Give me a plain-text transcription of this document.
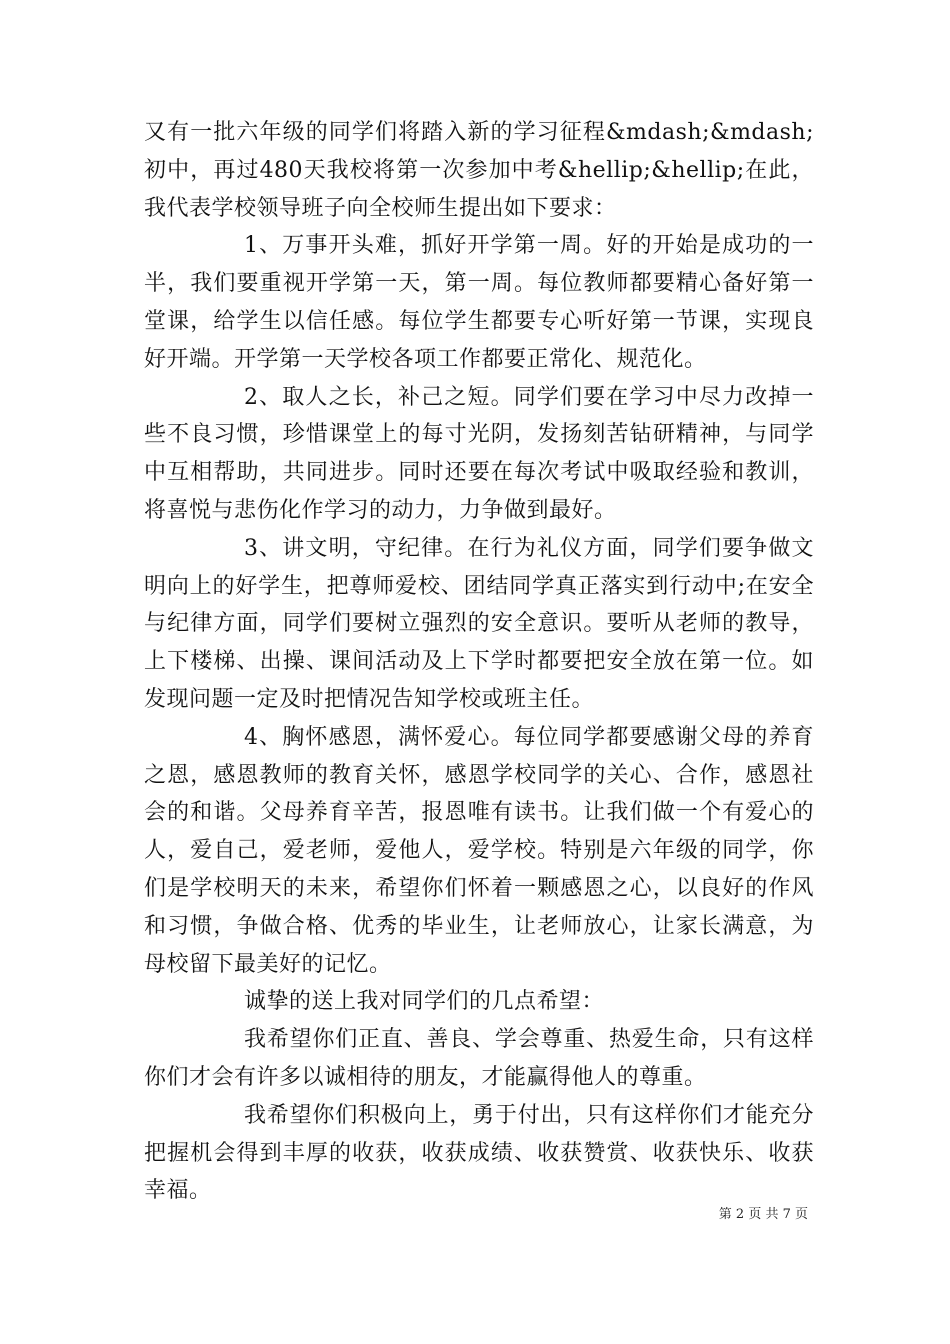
又有一批六年级的同学们将踏入新的学习征程&mdash;&mdash;初中，再过480天我校将第一次参加中考&hellip;&hellip;在此，我代表学校领导班子向全校师生提出如下要求：

1、万事开头难，抓好开学第一周。好的开始是成功的一半，我们要重视开学第一天，第一周。每位教师都要精心备好第一堂课，给学生以信任感。每位学生都要专心听好第一节课，实现良好开端。开学第一天学校各项工作都要正常化、规范化。

2、取人之长，补己之短。同学们要在学习中尽力改掉一些不良习惯，珍惜课堂上的每寸光阴，发扬刻苦钻研精神，与同学中互相帮助，共同进步。同时还要在每次考试中吸取经验和教训，将喜悦与悲伤化作学习的动力，力争做到最好。

3、讲文明，守纪律。在行为礼仪方面，同学们要争做文明向上的好学生，把尊师爱校、团结同学真正落实到行动中;在安全与纪律方面，同学们要树立强烈的安全意识。要听从老师的教导，上下楼梯、出操、课间活动及上下学时都要把安全放在第一位。如发现问题一定及时把情况告知学校或班主任。

4、胸怀感恩，满怀爱心。每位同学都要感谢父母的养育之恩，感恩教师的教育关怀，感恩学校同学的关心、合作，感恩社会的和谐。父母养育辛苦，报恩唯有读书。让我们做一个有爱心的人，爱自己，爱老师，爱他人，爱学校。特别是六年级的同学，你们是学校明天的未来，希望你们怀着一颗感恩之心，以良好的作风和习惯，争做合格、优秀的毕业生，让老师放心，让家长满意，为母校留下最美好的记忆。

诚挚的送上我对同学们的几点希望：

我希望你们正直、善良、学会尊重、热爱生命，只有这样你们才会有许多以诚相待的朋友，才能赢得他人的尊重。

我希望你们积极向上，勇于付出，只有这样你们才能充分把握机会得到丰厚的收获，收获成绩、收获赞赏、收获快乐、收获幸福。

第 2 页 共 7 页
